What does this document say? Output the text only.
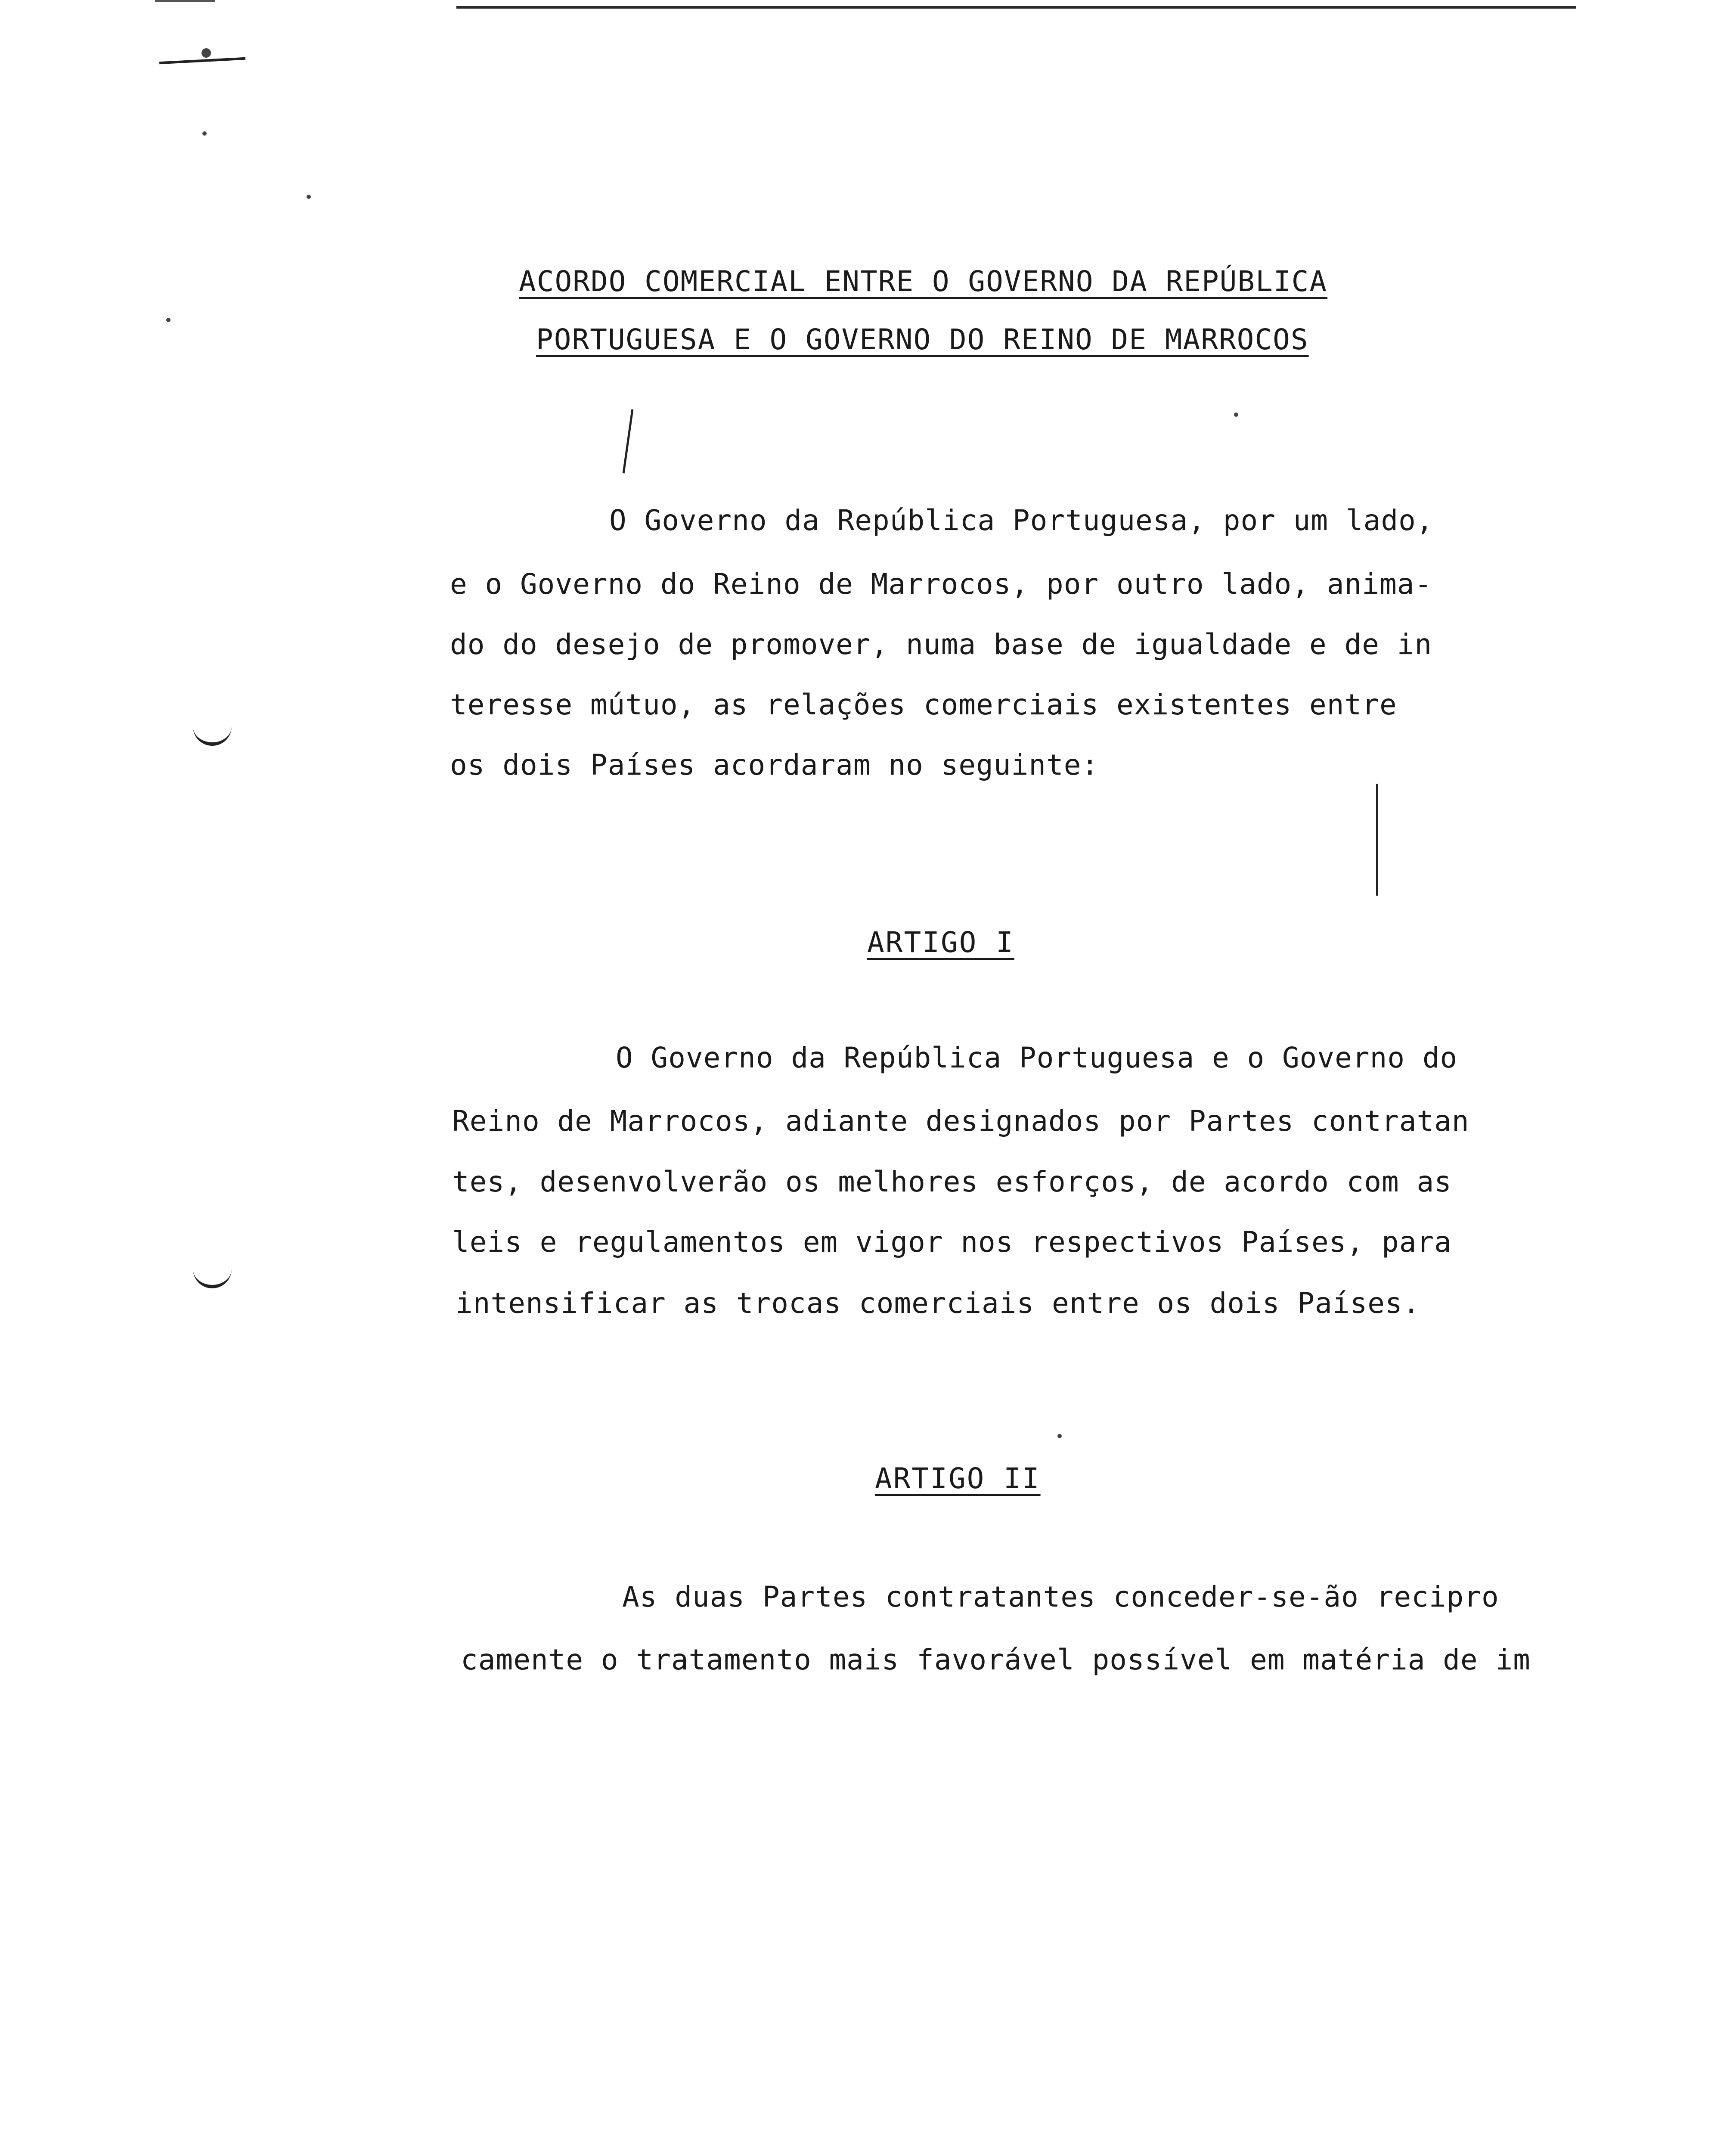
ACORDO COMERCIAL ENTRE O GOVERNO DA REPÚBLICA
PORTUGUESA E O GOVERNO DO REINO DE MARROCOS
O Governo da República Portuguesa, por um lado,
e o Governo do Reino de Marrocos, por outro lado, anima-
do do desejo de promover, numa base de igualdade e de in
teresse mútuo, as relações comerciais existentes entre
os dois Países acordaram no seguinte:
ARTIGO I
O Governo da República Portuguesa e o Governo do
Reino de Marrocos, adiante designados por Partes contratan
tes, desenvolverão os melhores esforços, de acordo com as
leis e regulamentos em vigor nos respectivos Países, para
intensificar as trocas comerciais entre os dois Países.
ARTIGO II
As duas Partes contratantes conceder-se-ão recipro
camente o tratamento mais favorável possível em matéria de im
